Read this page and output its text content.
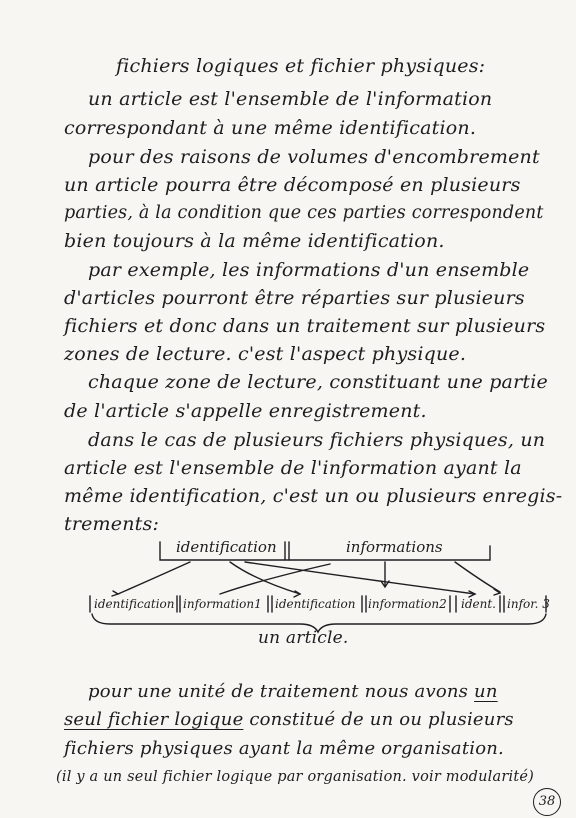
fichiers logiques et fichier physiques:
un article est l'ensemble de l'information
correspondant à une même identification.
pour des raisons de volumes d'encombrement
un article pourra être décomposé en plusieurs
parties, à la condition que ces parties correspondent
bien toujours à la même identification.
par exemple, les informations d'un ensemble
d'articles pourront être réparties sur plusieurs
fichiers et donc dans un traitement sur plusieurs
zones de lecture. c'est l'aspect physique.
chaque zone de lecture, constituant une partie
de l'article s'appelle enregistrement.
dans le cas de plusieurs fichiers physiques, un
article est l'ensemble de l'information ayant la
même identification, c'est un ou plusieurs enregis-
trements:
identification	informations
identification information1 identification information2 ident. infor. 3
un article.
pour une unité de traitement nous avons un
seul fichier logique constitué de un ou plusieurs
fichiers physiques ayant la même organisation.
(il y a un seul fichier logique par organisation. voir modularité)
38
